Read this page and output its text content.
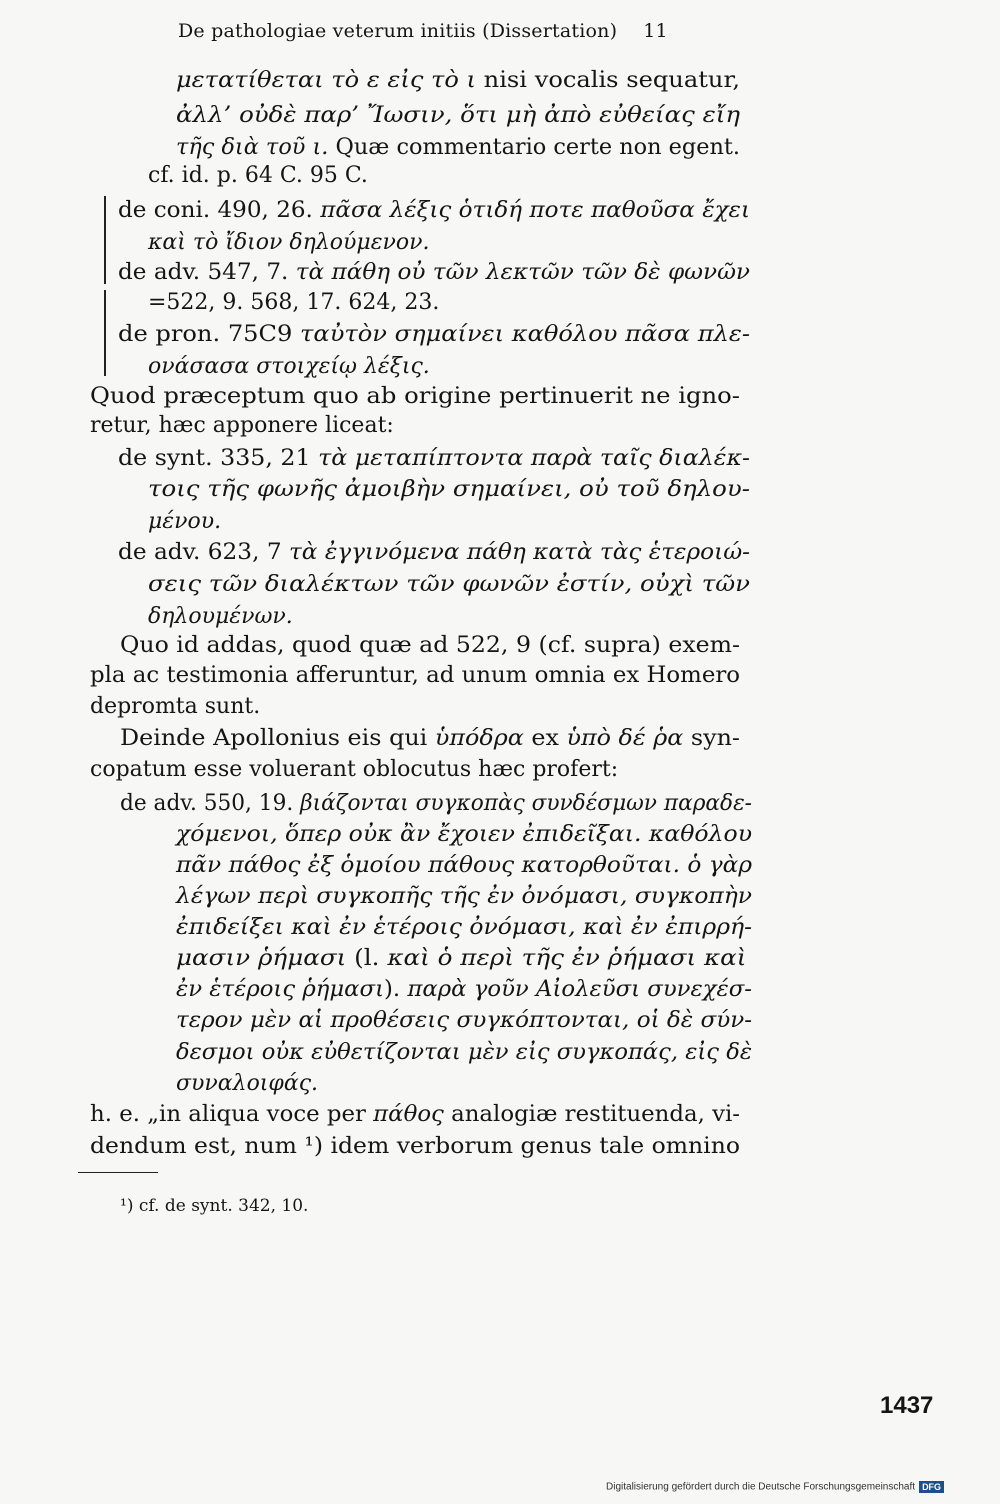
De pathologiae veterum initiis (Dissertation) 11
μετατίθεται τὸ ε εἰς τὸ ι nisi vocalis sequatur,
ἀλλ’ οὐδὲ παρ’ Ἴωσιν, ὅτι μὴ ἀπὸ εὐθείας εἴη
τῆς διὰ τοῦ ι. Quæ commentario certe non egent.
cf. id. p. 64 C. 95 C.
de coni. 490, 26. πᾶσα λέξις ὁτιδή ποτε παθοῦσα ἔχει
καὶ τὸ ἴδιον δηλούμενον.
de adv. 547, 7. τὰ πάθη οὐ τῶν λεκτῶν τῶν δὲ φωνῶν
=522, 9. 568, 17. 624, 23.
de pron. 75C9 ταὐτὸν σημαίνει καθόλου πᾶσα πλε-
ονάσασα στοιχείῳ λέξις.
Quod præceptum quo ab origine pertinuerit ne igno-
retur, hæc apponere liceat:
de synt. 335, 21 τὰ μεταπίπτοντα παρὰ ταῖς διαλέκ-
τοις τῆς φωνῆς ἀμοιβὴν σημαίνει, οὐ τοῦ δηλου-
μένου.
de adv. 623, 7 τὰ ἐγγινόμενα πάθη κατὰ τὰς ἑτεροιώ-
σεις τῶν διαλέκτων τῶν φωνῶν ἐστίν, οὐχὶ τῶν
δηλουμένων.
Quo id addas, quod quæ ad 522, 9 (cf. supra) exem-
pla ac testimonia afferuntur, ad unum omnia ex Homero
depromta sunt.
Deinde Apollonius eis qui ὑπόδρα ex ὑπὸ δέ ῥα syn-
copatum esse voluerant oblocutus hæc profert:
de adv. 550, 19. βιάζονται συγκοπὰς συνδέσμων παραδε-
χόμενοι, ὅπερ οὐκ ἂν ἔχοιεν ἐπιδεῖξαι. καθόλου
πᾶν πάθος ἐξ ὁμοίου πάθους κατορθοῦται. ὁ γὰρ
λέγων περὶ συγκοπῆς τῆς ἐν ὀνόμασι, συγκοπὴν
ἐπιδείξει καὶ ἐν ἑτέροις ὀνόμασι, καὶ ἐν ἐπιρρή-
μασιν ῥήμασι (l. καὶ ὁ περὶ τῆς ἐν ῥήμασι καὶ
ἐν ἑτέροις ῥήμασι). παρὰ γοῦν Αἰολεῦσι συνεχέσ-
τερον μὲν αἱ προθέσεις συγκόπτονται, οἱ δὲ σύν-
δεσμοι οὐκ εὐθετίζονται μὲν εἰς συγκοπάς, εἰς δὲ
συναλοιφάς.
h. e. „in aliqua voce per πάθος analogiæ restituenda, vi-
dendum est, num ¹) idem verborum genus tale omnino
¹) cf. de synt. 342, 10.
1437
Digitalisierung gefördert durch die Deutsche Forschungsgemeinschaft DFG
